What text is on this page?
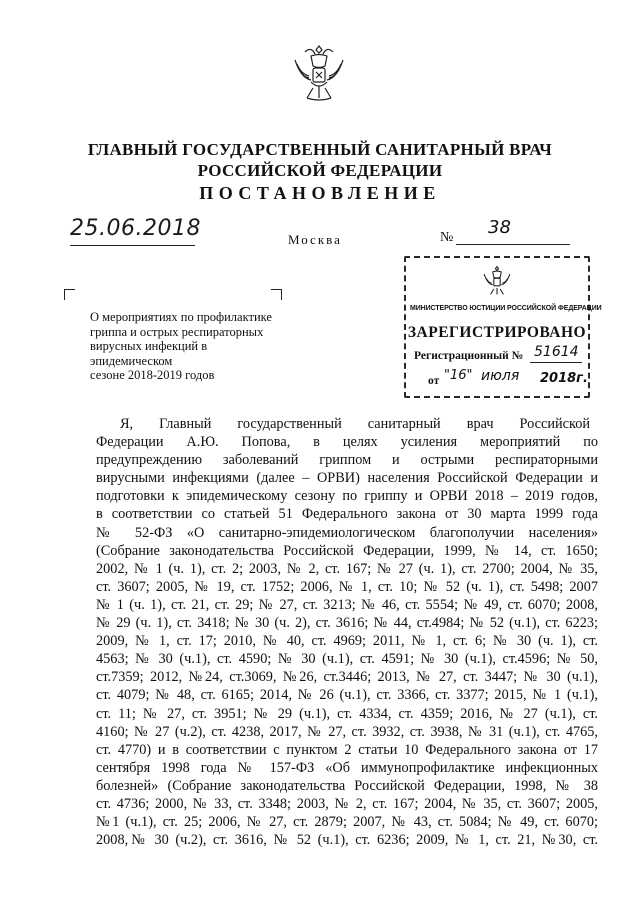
ГЛАВНЫЙ ГОСУДАРСТВЕННЫЙ САНИТАРНЫЙ ВРАЧ
РОССИЙСКОЙ ФЕДЕРАЦИИ
ПОСТАНОВЛЕНИЕ
25.06.2018	Москва	№ 38
О мероприятиях по профилактике
гриппа и острых респираторных
вирусных инфекций в эпидемическом
сезоне 2018-2019 годов
МИНИСТЕРСТВО ЮСТИЦИИ РОССИЙСКОЙ ФЕДЕРАЦИИ
ЗАРЕГИСТРИРОВАНО
Регистрационный № 51614
от "16" июля 2018г.
Я, Главный государственный санитарный врач Российской
Федерации А.Ю. Попова, в целях усиления мероприятий по
предупреждению заболеваний гриппом и острыми респираторными
вирусными инфекциями (далее – ОРВИ) населения Российской Федерации и
подготовки к эпидемическому сезону по гриппу и ОРВИ 2018 – 2019 годов,
в соответствии со статьей 51 Федерального закона от 30 марта 1999 года
№ 52-ФЗ «О санитарно-эпидемиологическом благополучии населения»
(Собрание законодательства Российской Федерации, 1999, № 14, ст. 1650;
2002, № 1 (ч. 1), ст. 2; 2003, № 2, ст. 167; № 27 (ч. 1), ст. 2700; 2004, № 35,
ст. 3607; 2005, № 19, ст. 1752; 2006, № 1, ст. 10; № 52 (ч. 1), ст. 5498; 2007
№ 1 (ч. 1), ст. 21, ст. 29; № 27, ст. 3213; № 46, ст. 5554; № 49, ст. 6070; 2008,
№ 29 (ч. 1), ст. 3418; № 30 (ч. 2), ст. 3616; № 44, ст.4984; № 52 (ч.1), ст. 6223;
2009, № 1, ст. 17; 2010, № 40, ст. 4969; 2011, № 1, ст. 6; № 30 (ч. 1), ст.
4563; № 30 (ч.1), ст. 4590; № 30 (ч.1), ст. 4591; № 30 (ч.1), ст.4596; № 50,
ст.7359; 2012, №24, ст.3069, №26, ст.3446; 2013, № 27, ст. 3447; № 30 (ч.1),
ст. 4079; № 48, ст. 6165; 2014, № 26 (ч.1), ст. 3366, ст. 3377; 2015, № 1 (ч.1),
ст. 11; № 27, ст. 3951; № 29 (ч.1), ст. 4334, ст. 4359; 2016, № 27 (ч.1), ст.
4160; № 27 (ч.2), ст. 4238, 2017, № 27, ст. 3932, ст. 3938, № 31 (ч.1), ст. 4765,
ст. 4770) и в соответствии с пунктом 2 статьи 10 Федерального закона от 17
сентября 1998 года № 157-ФЗ «Об иммунопрофилактике инфекционных
болезней» (Собрание законодательства Российской Федерации, 1998, № 38
ст. 4736; 2000, № 33, ст. 3348; 2003, № 2, ст. 167; 2004, № 35, ст. 3607; 2005,
№1 (ч.1), ст. 25; 2006, № 27, ст. 2879; 2007, № 43, ст. 5084; № 49, ст. 6070;
2008,№ 30 (ч.2), ст. 3616, № 52 (ч.1), ст. 6236; 2009, № 1, ст. 21, №30, ст.
